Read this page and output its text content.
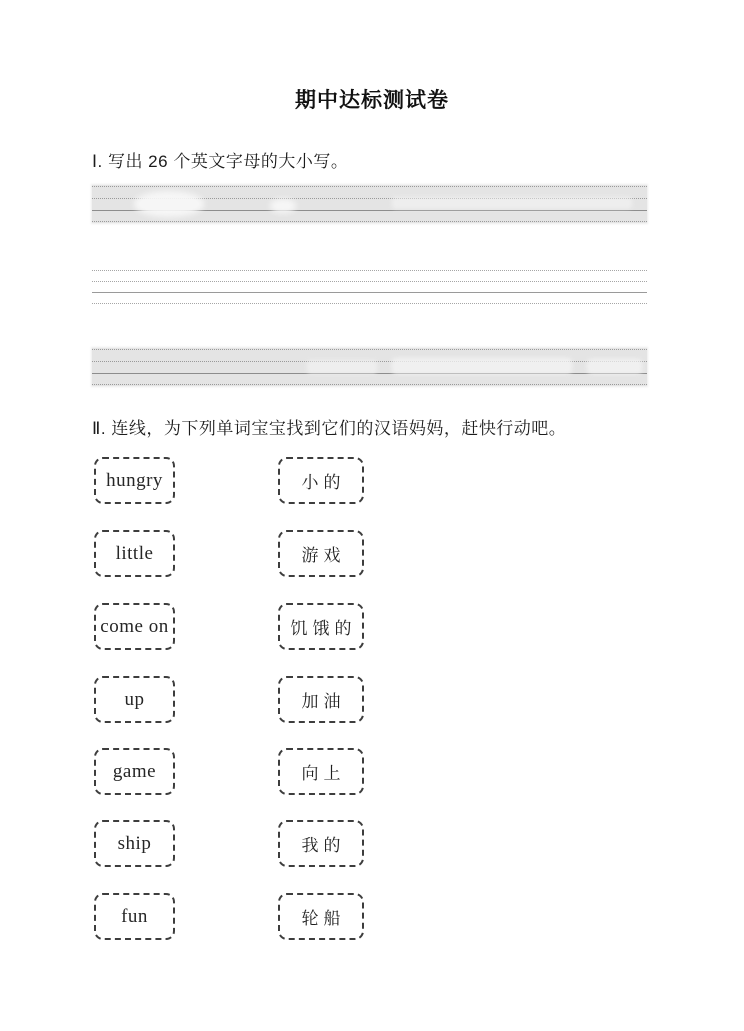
期中达标测试卷
Ⅰ. 写出 26 个英文字母的大小写。
Ⅱ. 连线，为下列单词宝宝找到它们的汉语妈妈，赶快行动吧。
hungry
little
come on
up
game
ship
fun
小的
游戏
饥饿的
加油
向上
我的
轮船
